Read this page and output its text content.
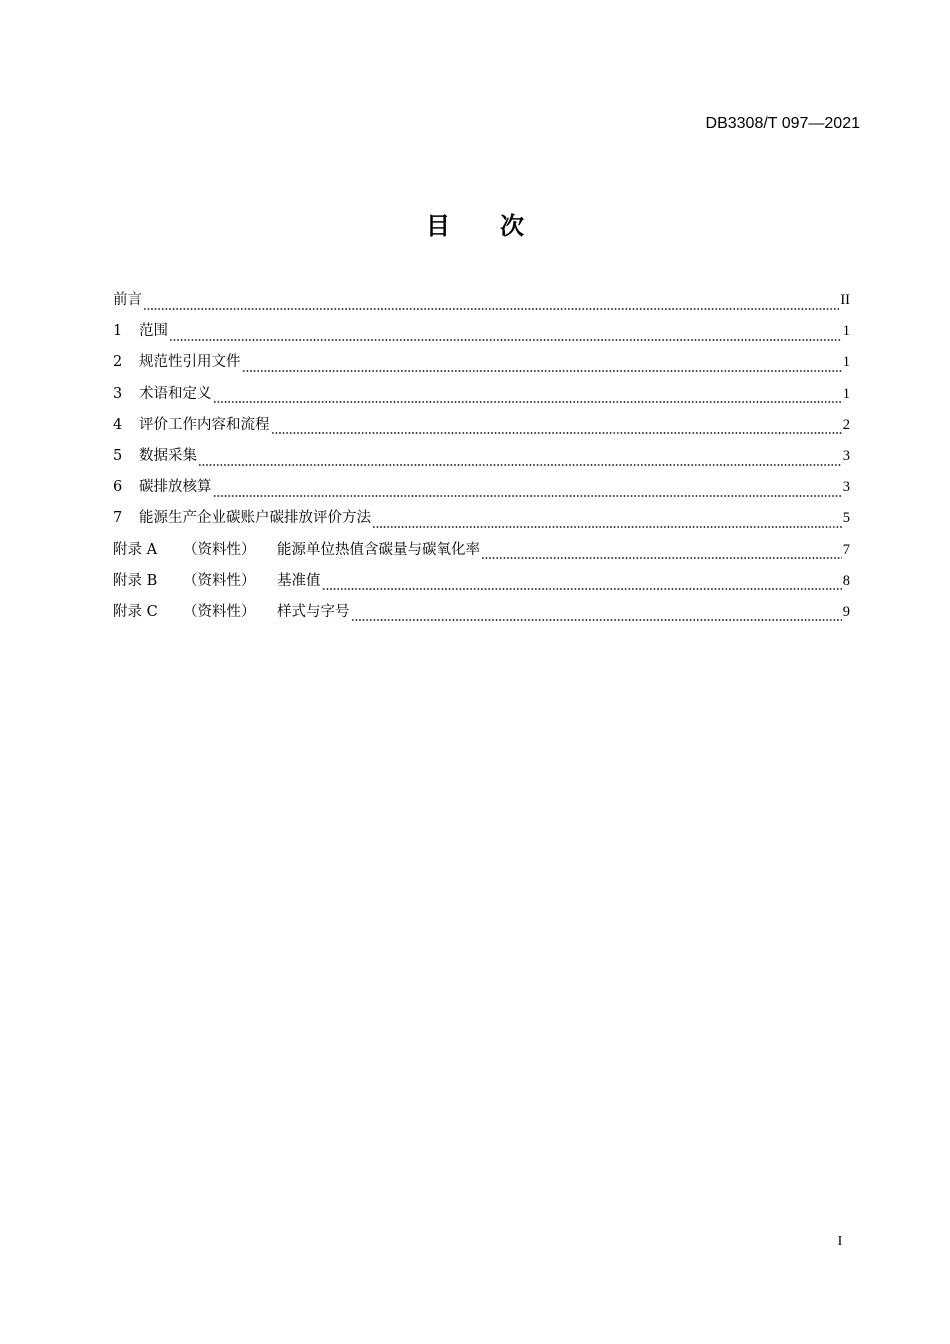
DB3308/T 097—2021
目 次
前言	II
1	范围	1
2	规范性引用文件	1
3	术语和定义	1
4	评价工作内容和流程	2
5	数据采集	3
6	碳排放核算	3
7	能源生产企业碳账户碳排放评价方法	5
附录 A	（资料性）	能源单位热值含碳量与碳氧化率	7
附录 B	（资料性）	基准值	8
附录 C	（资料性）	样式与字号	9
I
